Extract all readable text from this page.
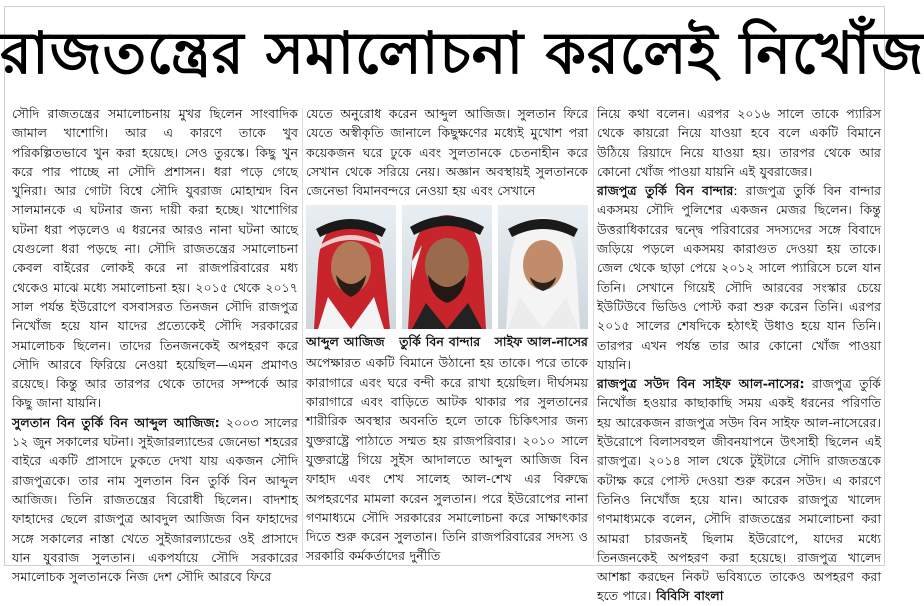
রাজতন্ত্রের সমালোচনা করলেই নিখোঁজ

সৌদি রাজতন্ত্রের সমালোচনায় মুখর ছিলেন সাংবাদিক জামাল খাশোগি। আর এ কারণে তাকে খুব পরিকল্পিতভাবে খুন করা হয়েছে। সেও তুরস্কে। কিছু খুন করে পার পাচ্ছে না সৌদি প্রশাসন। ধরা পড়ে গেছে খুনিরা। আর গোটা বিশ্বে সৌদি যুবরাজ মোহাম্মদ বিন সালমানকে এ ঘটনার জন্য দায়ী করা হচ্ছে। খাশোগির ঘটনা ধরা পড়লেও এ ধরনের আরও নানা ঘটনা আছে যেগুলো ধরা পড়ছে না। সৌদি রাজতন্ত্রের সমালোচনা কেবল বাইরের লোকই করে না রাজপরিবারের মধ্য থেকেও মাঝে মধ্যে সমালোচনা হয়। ২০১৫ থেকে ২০১৭ সাল পর্যন্ত ইউরোপে বসবাসরত তিনজন সৌদি রাজপুত্র নিখোঁজ হয়ে যান যাদের প্রত্যেকেই সৌদি সরকারের সমালোচক ছিলেন। তাদের তিনজনকেই অপহরণ করে সৌদি আরবে ফিরিয়ে নেওয়া হয়েছিল—এমন প্রমাণও রয়েছে। কিন্তু আর তারপর থেকে তাদের সম্পর্কে আর কিছু জানা যায়নি।

সুলতান বিন তুর্কি বিন আব্দুল আজিজ: ২০০৩ সালের ১২ জুন সকালের ঘটনা। সুইজারল্যান্ডের জেনেভা শহরের বাইরে একটি প্রাসাদে ঢুকতে দেখা যায় একজন সৌদি রাজপুত্রকে। তার নাম সুলতান বিন তুর্কি বিন আব্দুল আজিজ। তিনি রাজতন্ত্রের বিরোধী ছিলেন। বাদশাহ ফাহাদের ছেলে রাজপুত্র আবদুল আজিজ বিন ফাহাদের সঙ্গে সকালের নাস্তা খেতে সুইজারল্যান্ডের ওই প্রাসাদে যান যুবরাজ সুলতান। একপর্যায়ে সৌদি সরকারের সমালোচক সুলতানকে নিজ দেশ সৌদি আরবে ফিরে

যেতে অনুরোধ করেন আব্দুল আজিজ। সুলতান ফিরে যেতে অস্বীকৃতি জানালে কিছুক্ষণের মধ্যেই মুখোশ পরা কয়েকজন ঘরে ঢুকে এবং সুলতানকে চেতনাহীন করে সেখান থেকে সরিয়ে নেয়। অজ্ঞান অবস্থায়ই সুলতানকে জেনেভা বিমানবন্দরে নেওয়া হয় এবং সেখানে

আব্দুল আজিজ তুর্কি বিন বান্দার সাইফ আল-নাসের

অপেক্ষারত একটি বিমানে উঠানো হয় তাকে। পরে তাকে কারাগারে এবং ঘরে বন্দী করে রাখা হয়েছিল। দীর্ঘসময় কারাগারে এবং বাড়িতে আটক থাকার পর সুলতানের শারীরিক অবস্থার অবনতি হলে তাকে চিকিৎসার জন্য যুক্তরাষ্ট্রে পাঠাতে সম্মত হয় রাজপরিবার। ২০১০ সালে যুক্তরাষ্ট্রে গিয়ে সুইস আদালতে আব্দুল আজিজ বিন ফাহাদ এবং শেখ সালেহ আল-শেখ এর বিরুদ্ধে অপহরণের মামলা করেন সুলতান। পরে ইউরোপের নানা গণমাধ্যমে সৌদি সরকারের সমালোচনা করে সাক্ষাৎকার দিতে শুরু করেন সুলতান। তিনি রাজপরিবারের সদস্য ও সরকারি কর্মকর্তাদের দুর্নীতি

নিয়ে কথা বলেন। এরপর ২০১৬ সালে তাকে প্যারিস থেকে কায়রো নিয়ে যাওয়া হবে বলে একটি বিমানে উঠিয়ে রিয়াদে নিয়ে যাওয়া হয়। তারপর থেকে আর কোনো খোঁজ পাওয়া যায়নি এই যুবরাজের।

রাজপুত্র তুর্কি বিন বান্দার: রাজপুত্র তুর্কি বিন বান্দার একসময় সৌদি পুলিশের একজন মেজর ছিলেন। কিন্তু উত্তরাধিকারের দ্বন্দ্বে পরিবারের সদস্যদের সঙ্গে বিবাদে জড়িয়ে পড়লে একসময় কারাগুত দেওয়া হয় তাকে। জেল থেকে ছাড়া পেয়ে ২০১২ সালে প্যারিসে চলে যান তিনি। সেখানে গিয়েই সৌদি আরবের সংস্কার চেয়ে ইউটিউবে ভিডিও পোস্ট করা শুরু করেন তিনি। এরপর ২০১৫ সালের শেষদিকে হঠাৎই উধাও হয়ে যান তিনি। তারপর এখন পর্যন্ত তার আর কোনো খোঁজ পাওয়া যায়নি।

রাজপুত্র সউদ বিন সাইফ আল-নাসের: রাজপুত্র তুর্কি নিখোঁজ হওয়ার কাছাকাছি সময় একই ধরনের পরিণতি হয় আরেকজন রাজপুত্র সউদ বিন সাইফ আল-নাসেরের। ইউরোপে বিলাসবহুল জীবনযাপনে উৎসাহী ছিলেন এই রাজপুত্র। ২০১৪ সাল থেকে টুইটারে সৌদি রাজতন্ত্রকে কটাক্ষ করে পোস্ট দেওয়া শুরু করেন সউদ। এ কারণে তিনিও নিখোঁজ হয়ে যান। আরেক রাজপুত্র খালেদ গণমাধ্যমকে বলেন, সৌদি রাজতন্ত্রের সমালোচনা করা আমরা চারজনই ছিলাম ইউরোপে, যাদের মধ্যে তিনজনকেই অপহরণ করা হয়েছে। রাজপুত্র খালেদ আশঙ্কা করছেন নিকট ভবিষ্যতে তাকেও অপহরণ করা হতে পারে। বিবিসি বাংলা
